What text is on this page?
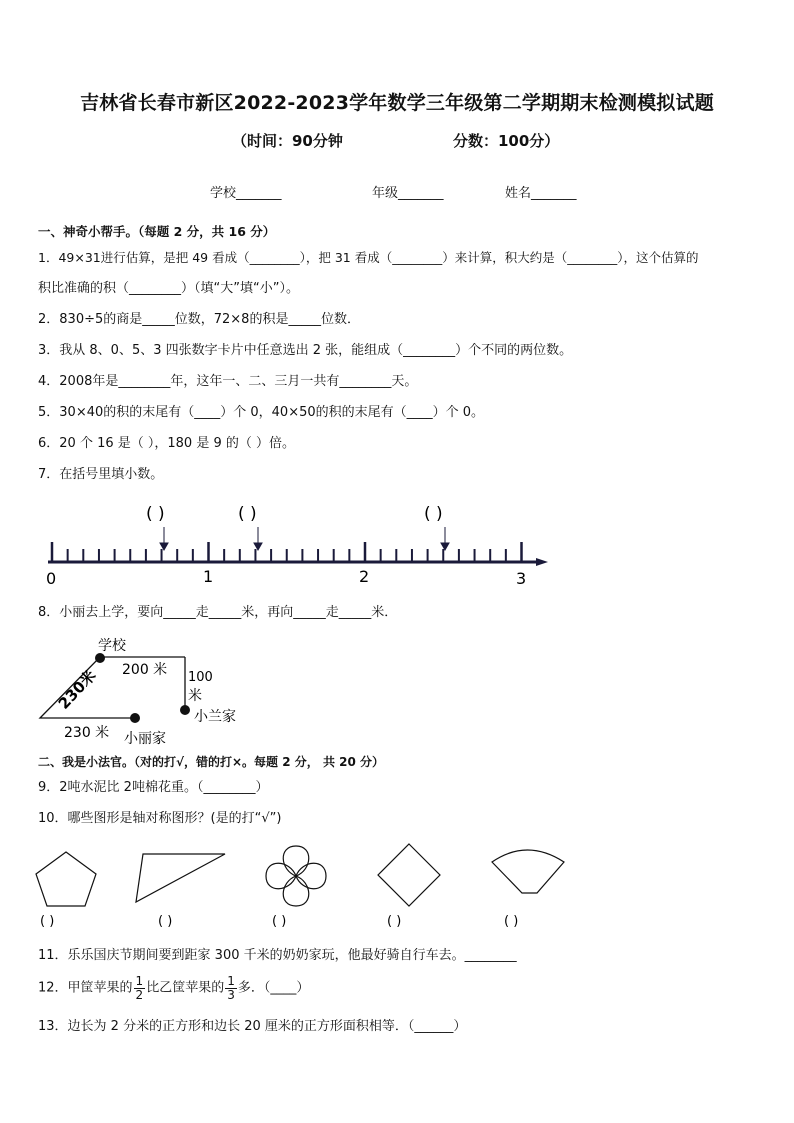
吉林省长春市新区2022-2023学年数学三年级第二学期期末检测模拟试题
（时间：90分钟	分数：100分）
学校_______	年级_______	姓名_______
一、神奇小帮手。（每题 2 分，共 16 分）
1．49×31进行估算，是把 49 看成（________），把 31 看成（________）来计算，积大约是（________），这个估算的
积比准确的积（________）（填“大”填“小”）。
2．830÷5的商是_____位数，72×8的积是_____位数．
3．我从 8、0、5、3 四张数字卡片中任意选出 2 张，能组成（________）个不同的两位数。
4．2008年是________年，这年一、二、三月一共有________天。
5．30×40的积的末尾有（____）个 0，40×50的积的末尾有（____）个 0。
6．20 个 16 是（ ），180 是 9 的（ ）倍。
7．在括号里填小数。
( )	( )	( )
0	1	2	3
8．小丽去上学，要向_____走_____米，再向_____走_____米．
学校
200 米 100
米
230米
230 米
小兰家
小丽家
二、我是小法官。（对的打√，错的打×。每题 2 分， 共 20 分）
9．2吨水泥比 2吨棉花重。（________）
10．哪些图形是轴对称图形？(是的打“√”)
( )	( )	( )	( )	( )
11．乐乐国庆节期间要到距家 300 千米的奶奶家玩，他最好骑自行车去。________
12．甲筐苹果的 $\frac{1}{2}$ 比乙筐苹果的 $\frac{1}{3}$ 多．（____）
13．边长为 2 分米的正方形和边长 20 厘米的正方形面积相等．（______）
